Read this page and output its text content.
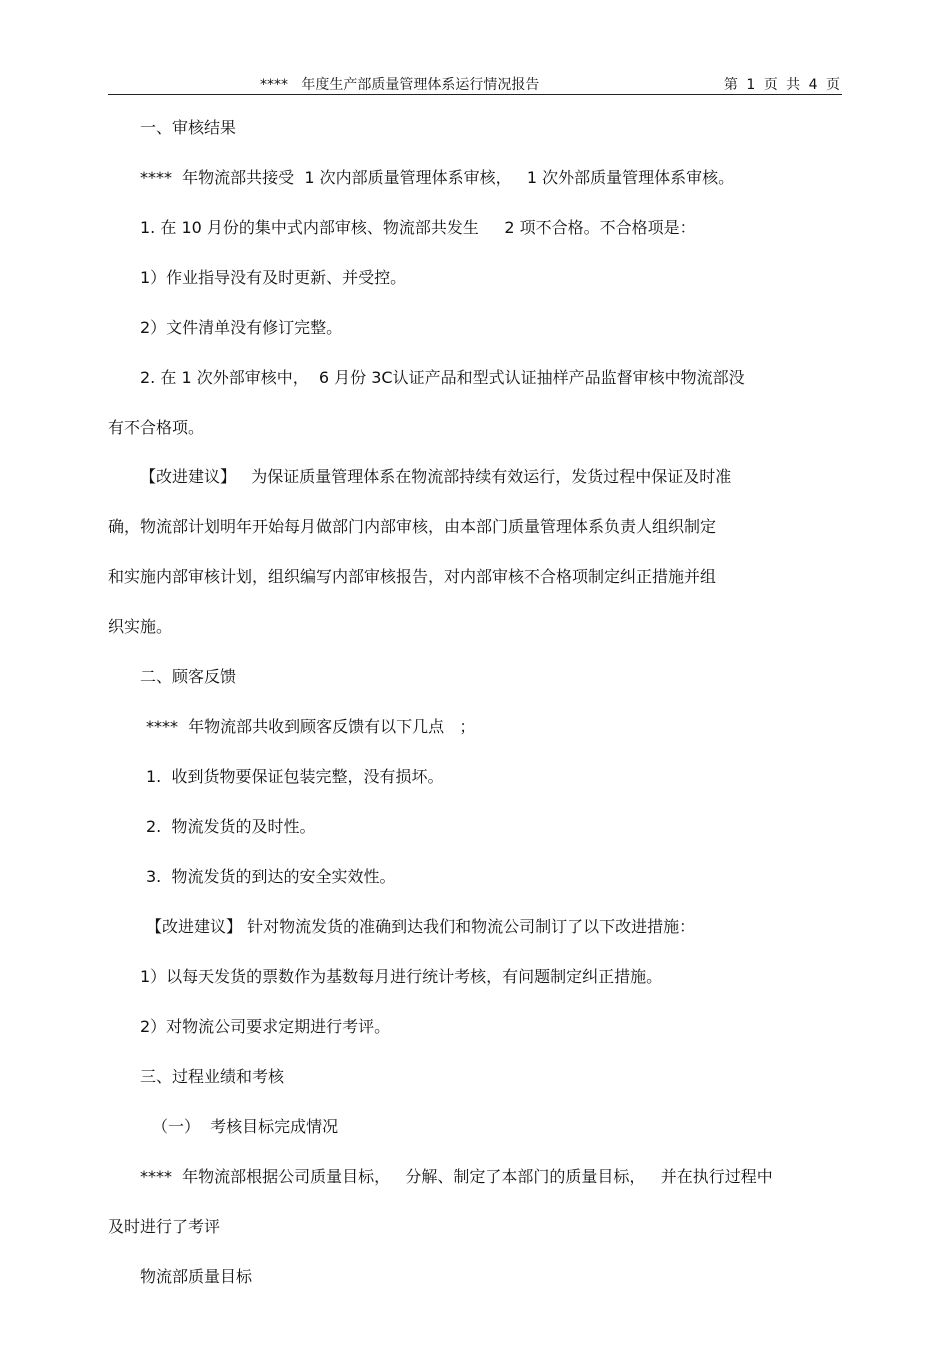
****   年度生产部质量管理体系运行情况报告	第 1 页 共 4 页
一、审核结果
****  年物流部共接受  1 次内部质量管理体系审核，   1 次外部质量管理体系审核。
1. 在 10 月份的集中式内部审核、物流部共发生     2 项不合格。不合格项是：
1）作业指导没有及时更新、并受控。
2）文件清单没有修订完整。
2. 在 1 次外部审核中，  6 月份 3C认证产品和型式认证抽样产品监督审核中物流部没
有不合格项。
【改进建议】   为保证质量管理体系在物流部持续有效运行，发货过程中保证及时准
确，物流部计划明年开始每月做部门内部审核，由本部门质量管理体系负责人组织制定
和实施内部审核计划，组织编写内部审核报告，对内部审核不合格项制定纠正措施并组
织实施。
二、顾客反馈
****  年物流部共收到顾客反馈有以下几点   ；
1.  收到货物要保证包装完整，没有损坏。
2.  物流发货的及时性。
3.  物流发货的到达的安全实效性。
【改进建议】 针对物流发货的准确到达我们和物流公司制订了以下改进措施：
1）以每天发货的票数作为基数每月进行统计考核，有问题制定纠正措施。
2）对物流公司要求定期进行考评。
三、过程业绩和考核
（一）  考核目标完成情况
****  年物流部根据公司质量目标，   分解、制定了本部门的质量目标，   并在执行过程中
及时进行了考评
物流部质量目标
